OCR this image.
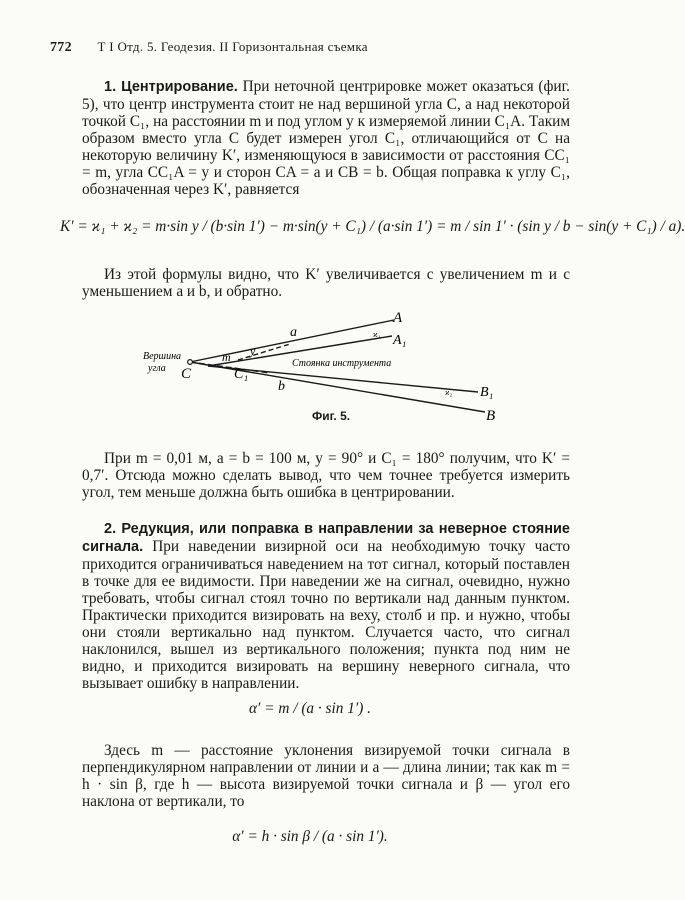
772 Т I Отд. 5. Геодезия. II Горизонтальная съемка
1. Центрирование. При неточной центрировке может оказаться (фиг. 5), что центр инструмента стоит не над вершиной угла C, а над некоторой точкой C₁, на расстоянии m и под углом y к измеряемой линии C₁A. Таким образом вместо угла C будет измерен угол C₁, отличающийся от C на некоторую величину K′, изменяющуюся в зависимости от расстояния CC₁ = m, угла CC₁A = y и сторон CA = a и CB = b. Общая поправка к углу C₁, обозначенная через K′, равняется
K′ = ϰ₁ + ϰ₂ = m·sin y / (b·sin 1′) − m·sin(y + C₁) / (a·sin 1′) = m / sin 1′ · (sin y / b − sin(y + C₁) / a).
Из этой формулы видно, что K′ увеличивается с увеличением m и с уменьшением a и b, и обратно.
Вершина
угла	Стоянка инструмента
A
A₁
B₁
B
C	C₁
a
b
m y
ϰ₁
ϰ₂
Фиг. 5.
При m = 0,01 м, a = b = 100 м, y = 90° и C₁ = 180° получим, что K′ = 0,7′. Отсюда можно сделать вывод, что чем точнее требуется измерить угол, тем меньше должна быть ошибка в центрировании.
2. Редукция, или поправка в направлении за неверное стояние сигнала. При наведении визирной оси на необходимую точку часто приходится ограничиваться наведением на тот сигнал, который поставлен в точке для ее видимости. При наведении же на сигнал, очевидно, нужно требовать, чтобы сигнал стоял точно по вертикали над данным пунктом. Практически приходится визировать на веху, столб и пр. и нужно, чтобы они стояли вертикально над пунктом. Случается часто, что сигнал наклонился, вышел из вертикального положения; пункта под ним не видно, и приходится визировать на вершину неверного сигнала, что вызывает ошибку в направлении.
α′ = m / (a · sin 1′) .
Здесь m — расстояние уклонения визируемой точки сигнала в перпендикулярном направлении от линии и a — длина линии; так как m = h · sin β, где h — высота визируемой точки сигнала и β — угол его наклона от вертикали, то
α′ = h · sin β / (a · sin 1′).
